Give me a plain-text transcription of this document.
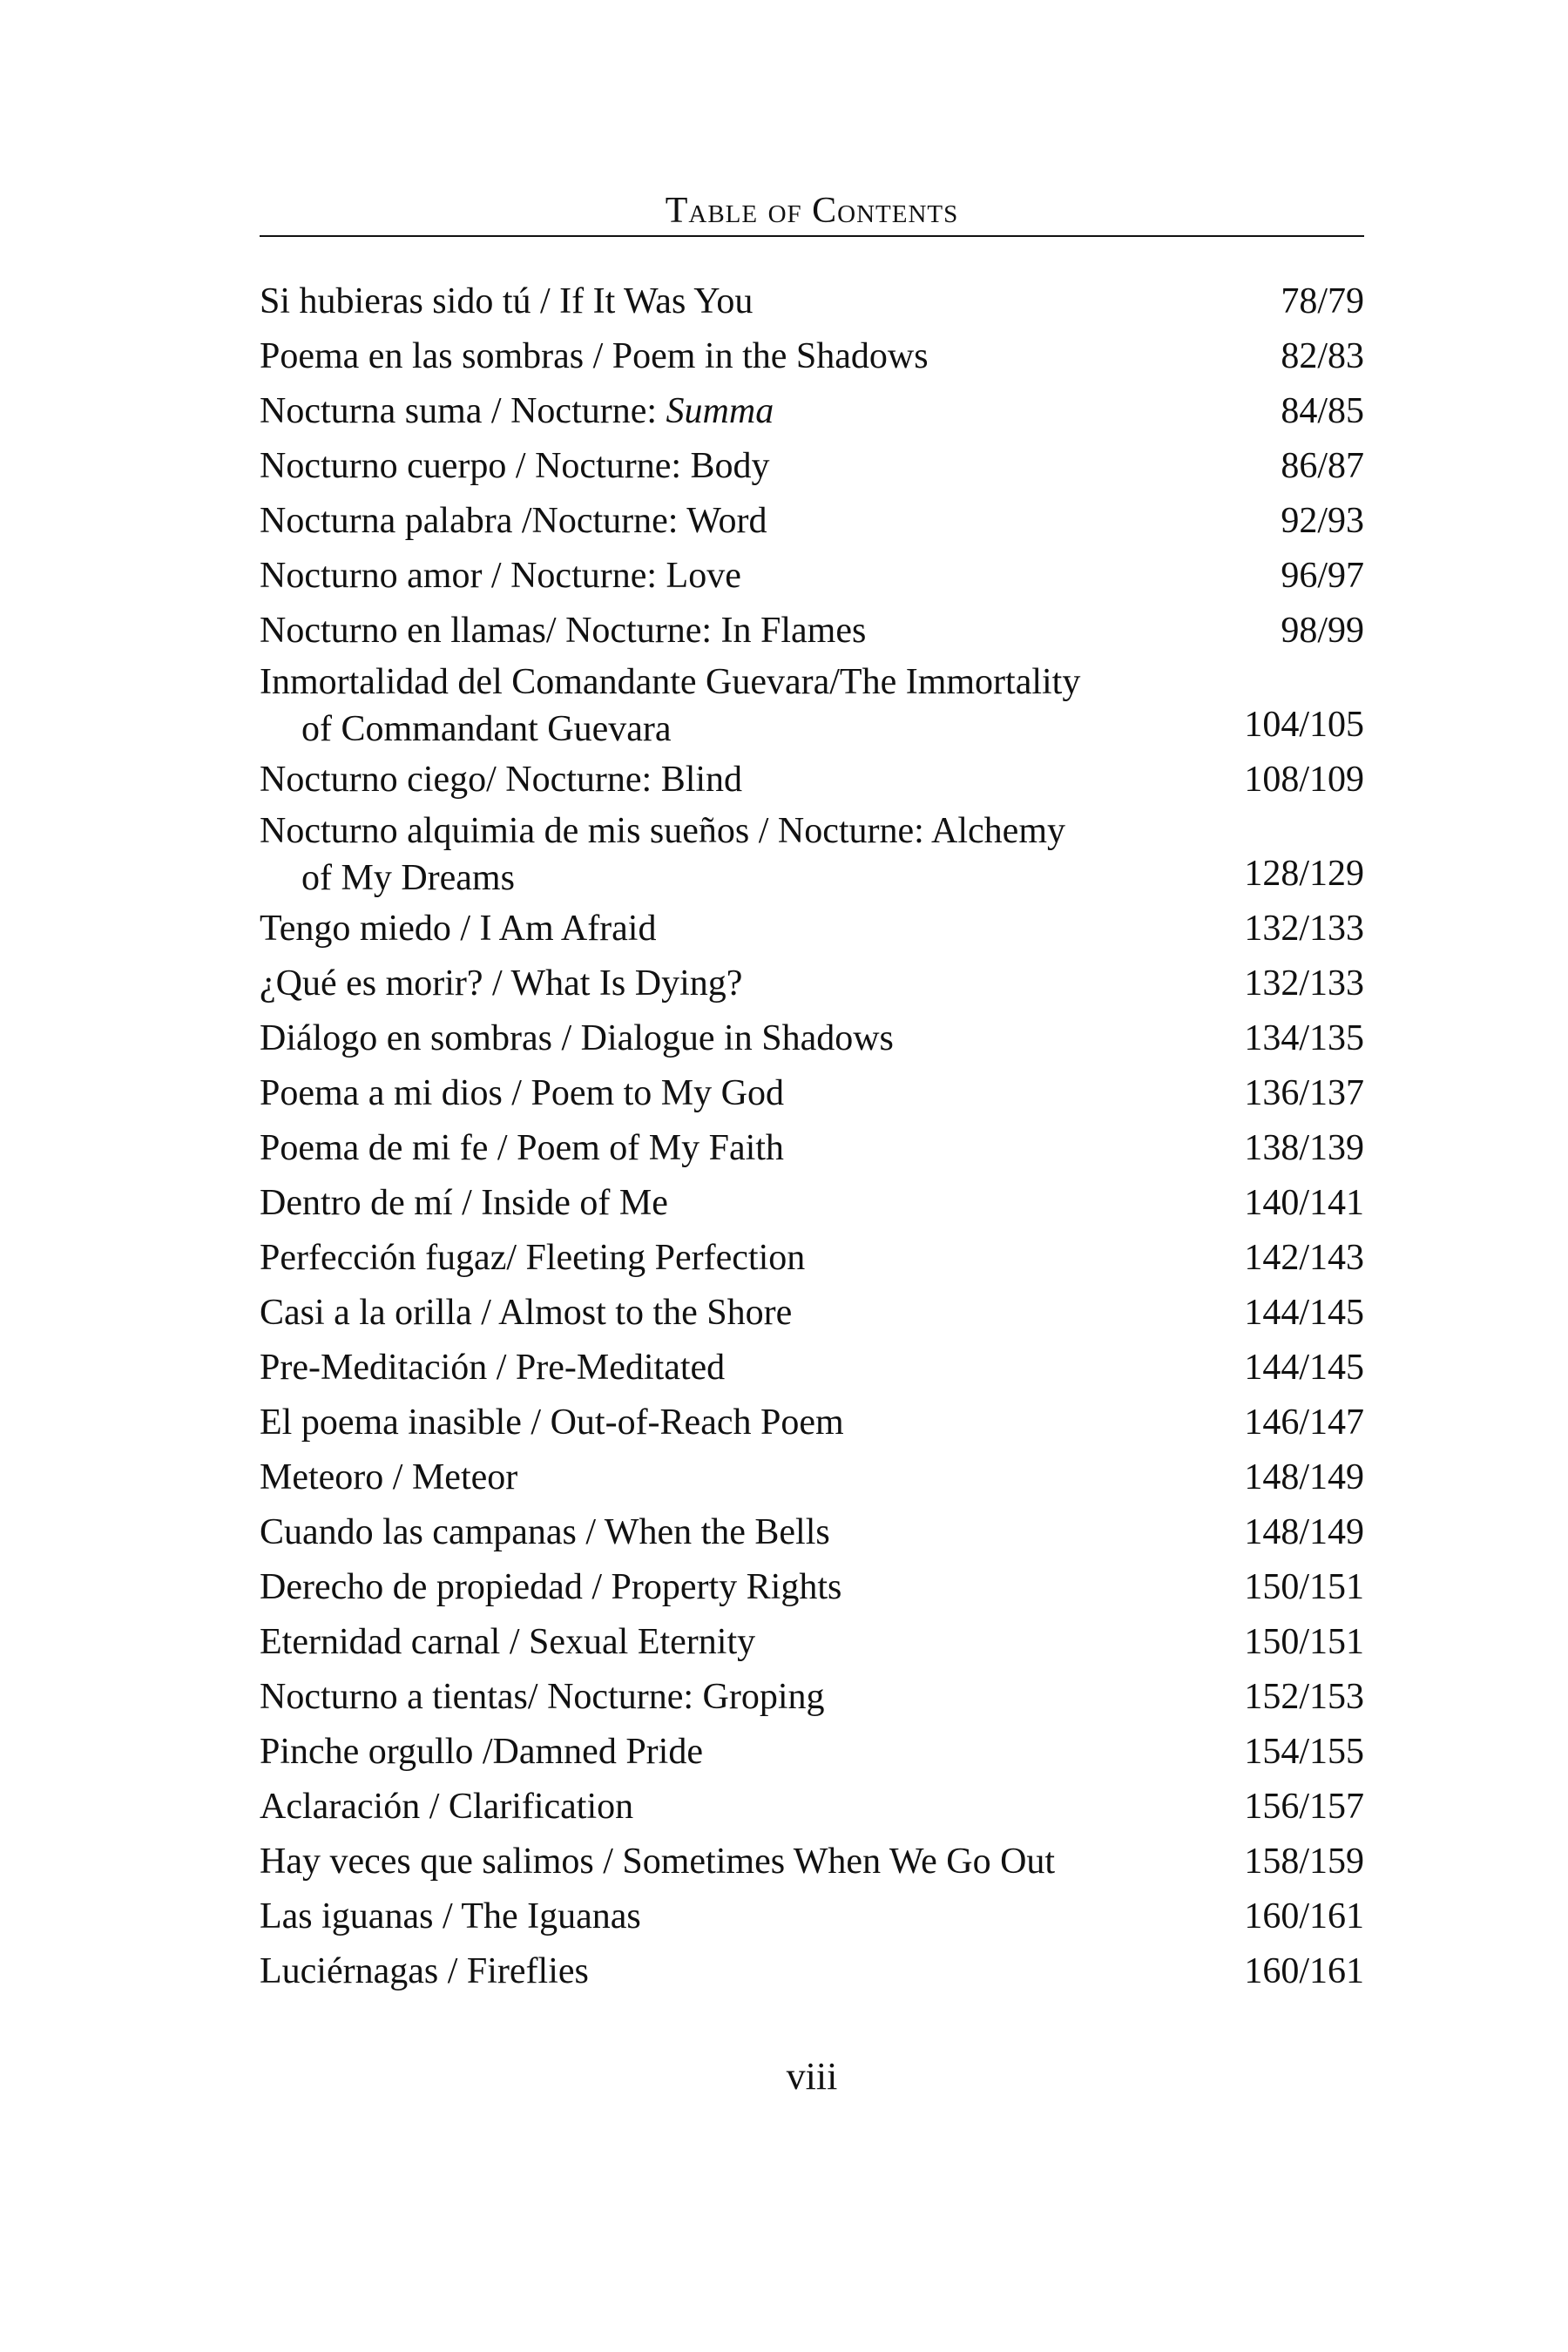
Table of Contents
Si hubieras sido tú / If It Was You	78/79
Poema en las sombras / Poem in the Shadows	82/83
Nocturna suma / Nocturne: Summa	84/85
Nocturno cuerpo / Nocturne: Body	86/87
Nocturna palabra /Nocturne: Word	92/93
Nocturno amor / Nocturne: Love	96/97
Nocturno en llamas/ Nocturne: In Flames	98/99
Inmortalidad del Comandante Guevara/The Immortality
of Commandant Guevara	104/105
Nocturno ciego/ Nocturne: Blind	108/109
Nocturno alquimia de mis sueños / Nocturne: Alchemy
of My Dreams	128/129
Tengo miedo / I Am Afraid	132/133
¿Qué es morir? / What Is Dying?	132/133
Diálogo en sombras / Dialogue in Shadows	134/135
Poema a mi dios / Poem to My God	136/137
Poema de mi fe / Poem of My Faith	138/139
Dentro de mí / Inside of Me	140/141
Perfección fugaz/ Fleeting Perfection	142/143
Casi a la orilla / Almost to the Shore	144/145
Pre-Meditación / Pre-Meditated	144/145
El poema inasible / Out-of-Reach Poem	146/147
Meteoro / Meteor	148/149
Cuando las campanas / When the Bells	148/149
Derecho de propiedad / Property Rights	150/151
Eternidad carnal / Sexual Eternity	150/151
Nocturno a tientas/ Nocturne: Groping	152/153
Pinche orgullo /Damned Pride	154/155
Aclaración / Clarification	156/157
Hay veces que salimos / Sometimes When We Go Out	158/159
Las iguanas / The Iguanas	160/161
Luciérnagas / Fireflies	160/161
viii
